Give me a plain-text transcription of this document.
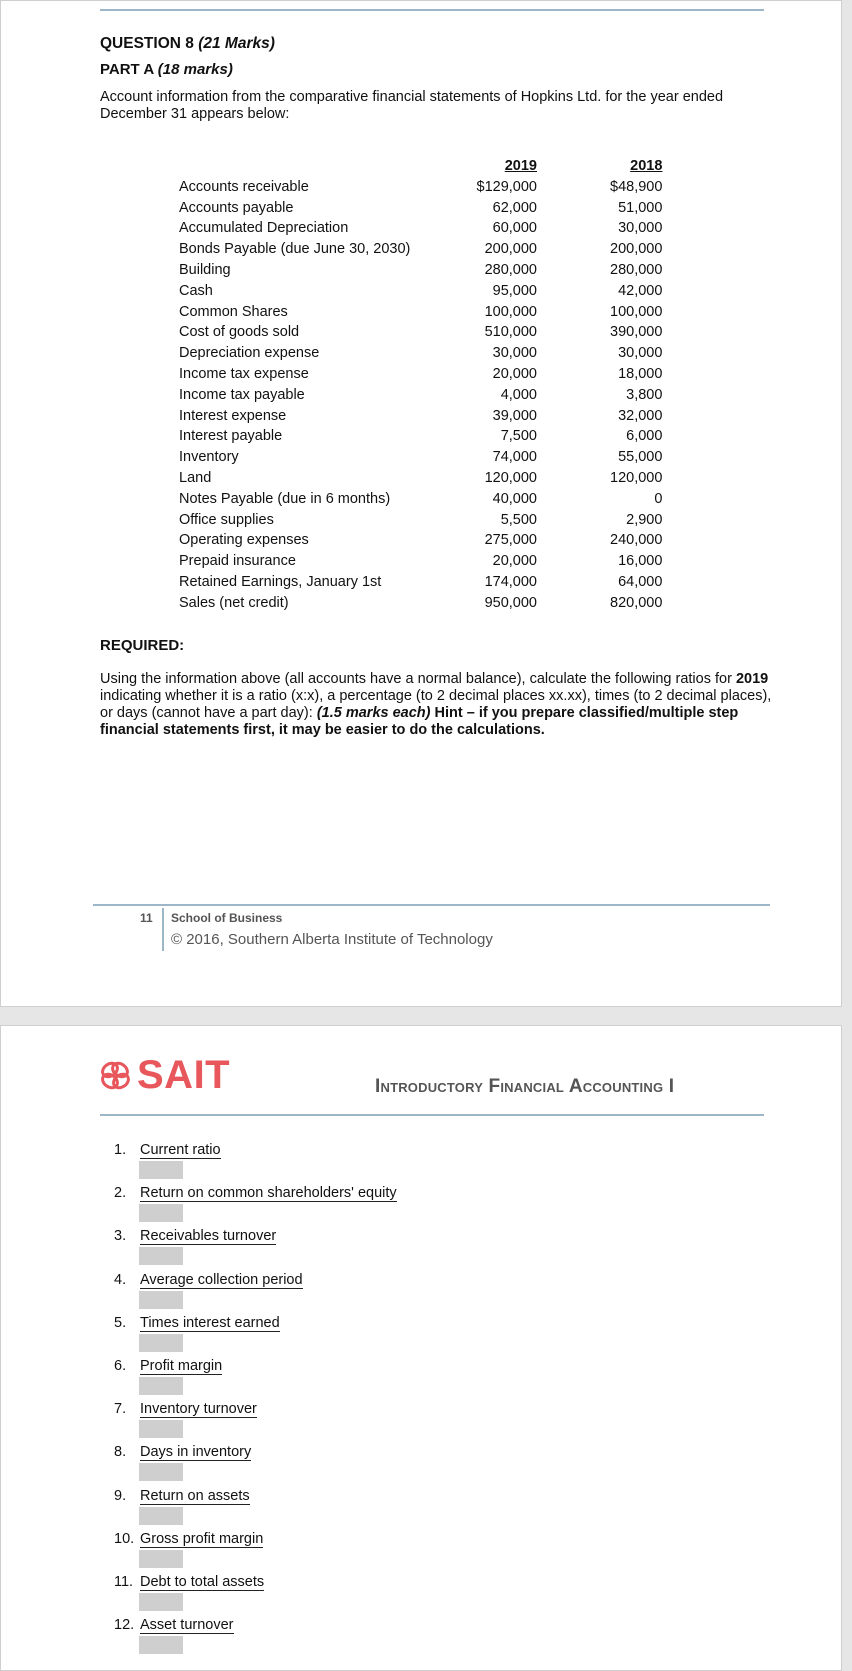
QUESTION 8 (21 Marks)
PART A (18 marks)
Account information from the comparative financial statements of Hopkins Ltd. for the year ended December 31 appears below:
	2019		2018
Accounts receivable	$129,000		$48,900
Accounts payable	62,000		51,000
Accumulated Depreciation	60,000		30,000
Bonds Payable (due June 30, 2030)	200,000		200,000
Building	280,000		280,000
Cash	95,000		42,000
Common Shares	100,000		100,000
Cost of goods sold	510,000		390,000
Depreciation expense	30,000		30,000
Income tax expense	20,000		18,000
Income tax payable	4,000		3,800
Interest expense	39,000		32,000
Interest payable	7,500		6,000
Inventory	74,000		55,000
Land	120,000		120,000
Notes Payable (due in 6 months)	40,000		0
Office supplies	5,500		2,900
Operating expenses	275,000		240,000
Prepaid insurance	20,000		16,000
Retained Earnings, January 1st	174,000		64,000
Sales (net credit)	950,000		820,000
REQUIRED:
Using the information above (all accounts have a normal balance), calculate the following ratios for 2019 indicating whether it is a ratio (x:x), a percentage (to 2 decimal places xx.xx), times (to 2 decimal places), or days (cannot have a part day): (1.5 marks each) Hint – if you prepare classified/multiple step financial statements first, it may be easier to do the calculations.
11 School of Business
© 2016, Southern Alberta Institute of Technology
SAIT	Introductory Financial Accounting I
1. Current ratio
2. Return on common shareholders' equity
3. Receivables turnover
4. Average collection period
5. Times interest earned
6. Profit margin
7. Inventory turnover
8. Days in inventory
9. Return on assets
10. Gross profit margin
11. Debt to total assets
12. Asset turnover
